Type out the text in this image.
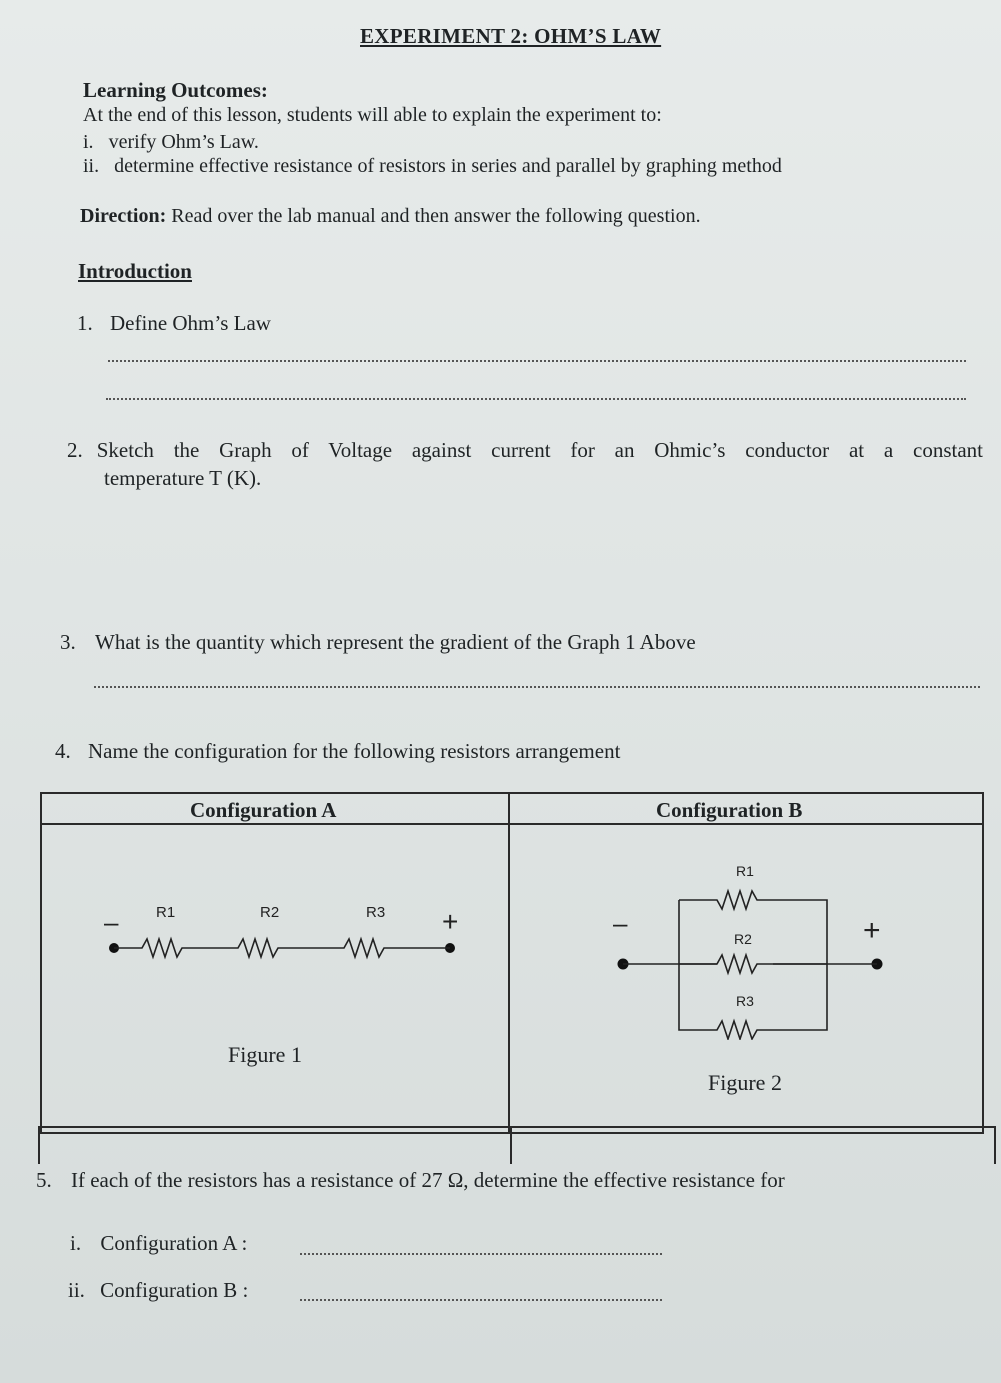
EXPERIMENT 2: OHM’S LAW
Learning Outcomes:
At the end of this lesson, students will able to explain the experiment to:
i. verify Ohm’s Law.
ii. determine effective resistance of resistors in series and parallel by graphing method
Direction: Read over the lab manual and then answer the following question.
Introduction
1. Define Ohm’s Law
2. Sketch the Graph of Voltage against current for an Ohmic’s conductor at a constant
temperature T (K).
3. What is the quantity which represent the gradient of the Graph 1 Above
4. Name the configuration for the following resistors arrangement
Configuration A	Configuration B
R1	R2	R3
–	+
Figure 1
R1
R2
R3
–	+
Figure 2
5. If each of the resistors has a resistance of 27 Ω, determine the effective resistance for
i. Configuration A :
ii. Configuration B :
